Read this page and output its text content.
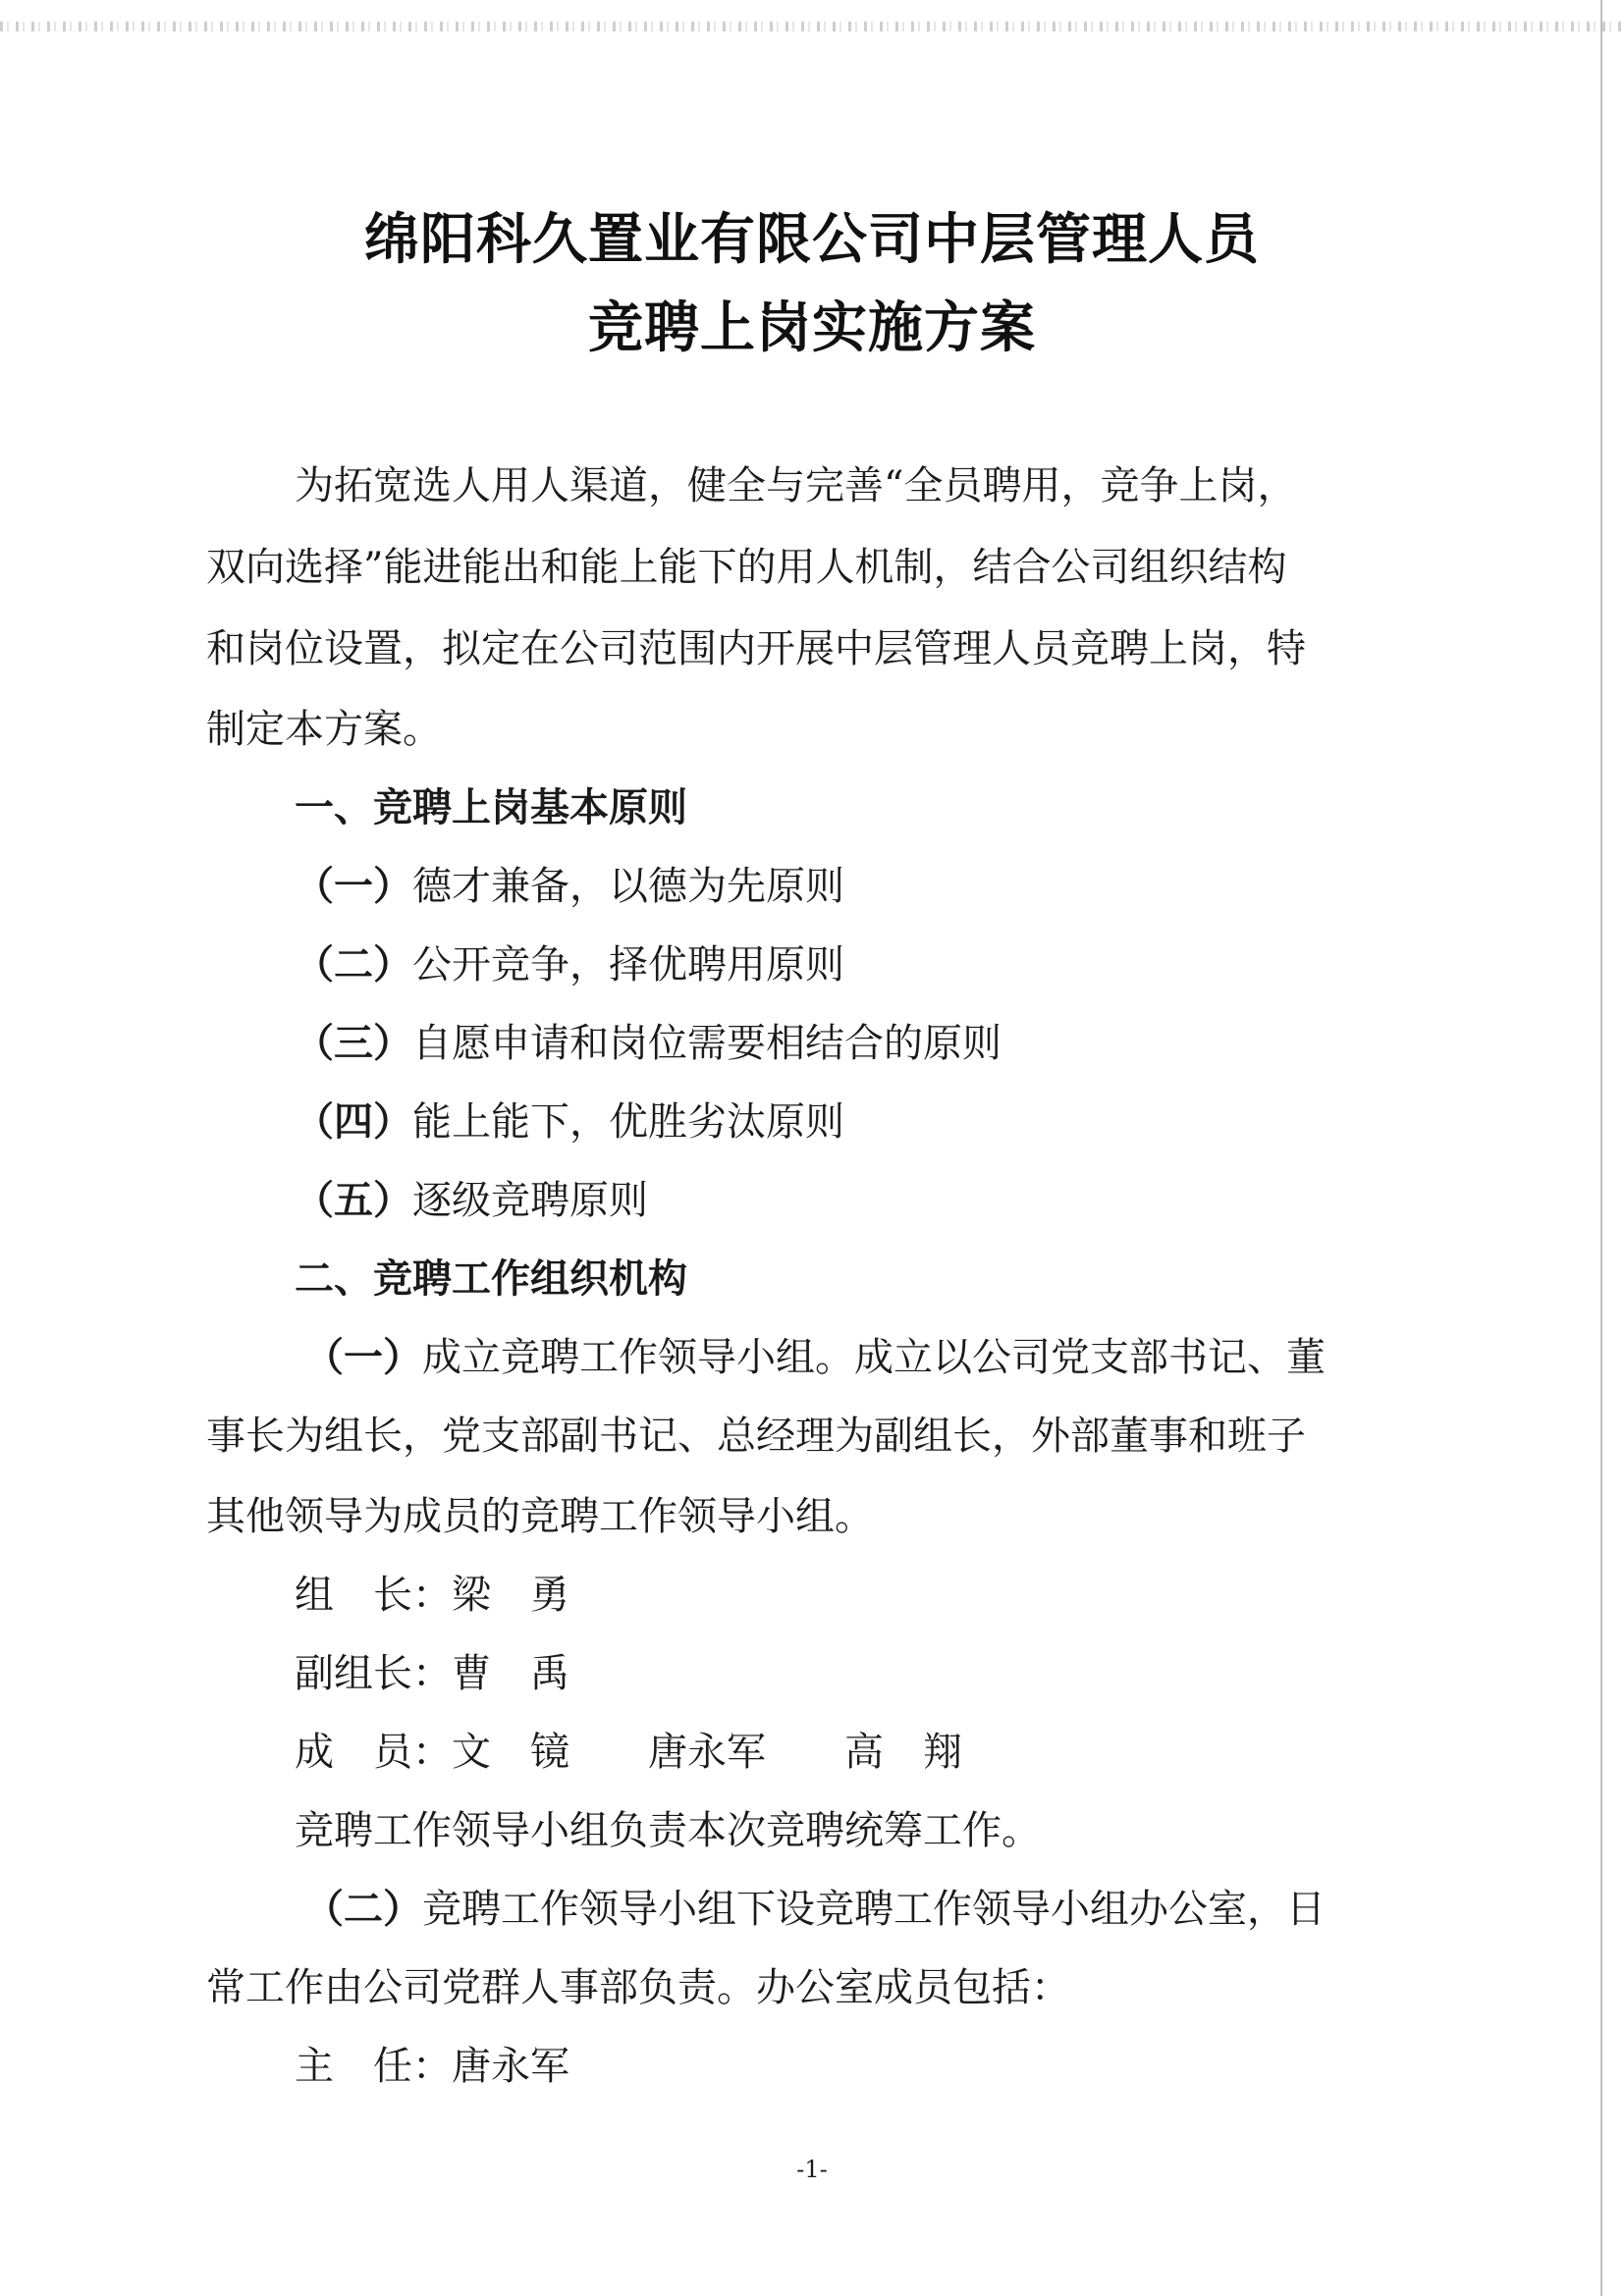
绵阳科久置业有限公司中层管理人员
竞聘上岗实施方案
为拓宽选人用人渠道，健全与完善“全员聘用，竞争上岗，
双向选择”能进能出和能上能下的用人机制，结合公司组织结构
和岗位设置，拟定在公司范围内开展中层管理人员竞聘上岗，特
制定本方案。
一、竞聘上岗基本原则
（一）德才兼备，以德为先原则
（二）公开竞争，择优聘用原则
（三）自愿申请和岗位需要相结合的原则
（四）能上能下，优胜劣汰原则
（五）逐级竞聘原则
二、竞聘工作组织机构
（一）成立竞聘工作领导小组。成立以公司党支部书记、董
事长为组长，党支部副书记、总经理为副组长，外部董事和班子
其他领导为成员的竞聘工作领导小组。
组　长：梁　勇
副组长：曹　禹
成　员：文　镜　　唐永军　　高　翔
竞聘工作领导小组负责本次竞聘统筹工作。
（二）竞聘工作领导小组下设竞聘工作领导小组办公室，日
常工作由公司党群人事部负责。办公室成员包括：
主　任：唐永军
-1-
